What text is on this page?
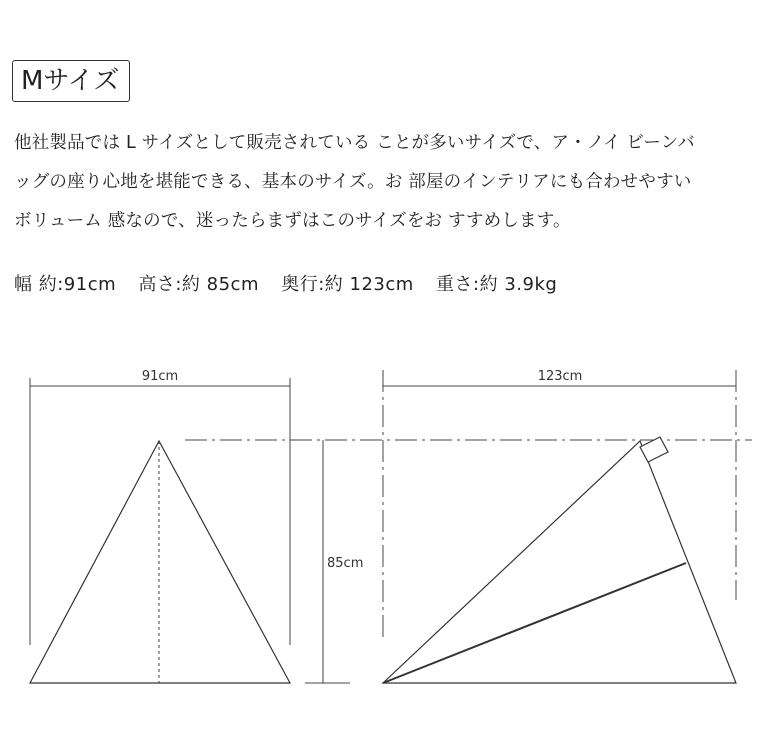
Mサイズ

他社製品では L サイズとして販売されている ことが多いサイズで、ア・ノイ ビーンバ
ッグの座り心地を堪能できる、基本のサイズ。お 部屋のインテリアにも合わせやすい
ボリューム 感なので、迷ったらまずはこのサイズをお すすめします。

幅 約:91cm 高さ:約 85cm 奥行:約 123cm 重さ:約 3.9kg
91cm
85cm
123cm
